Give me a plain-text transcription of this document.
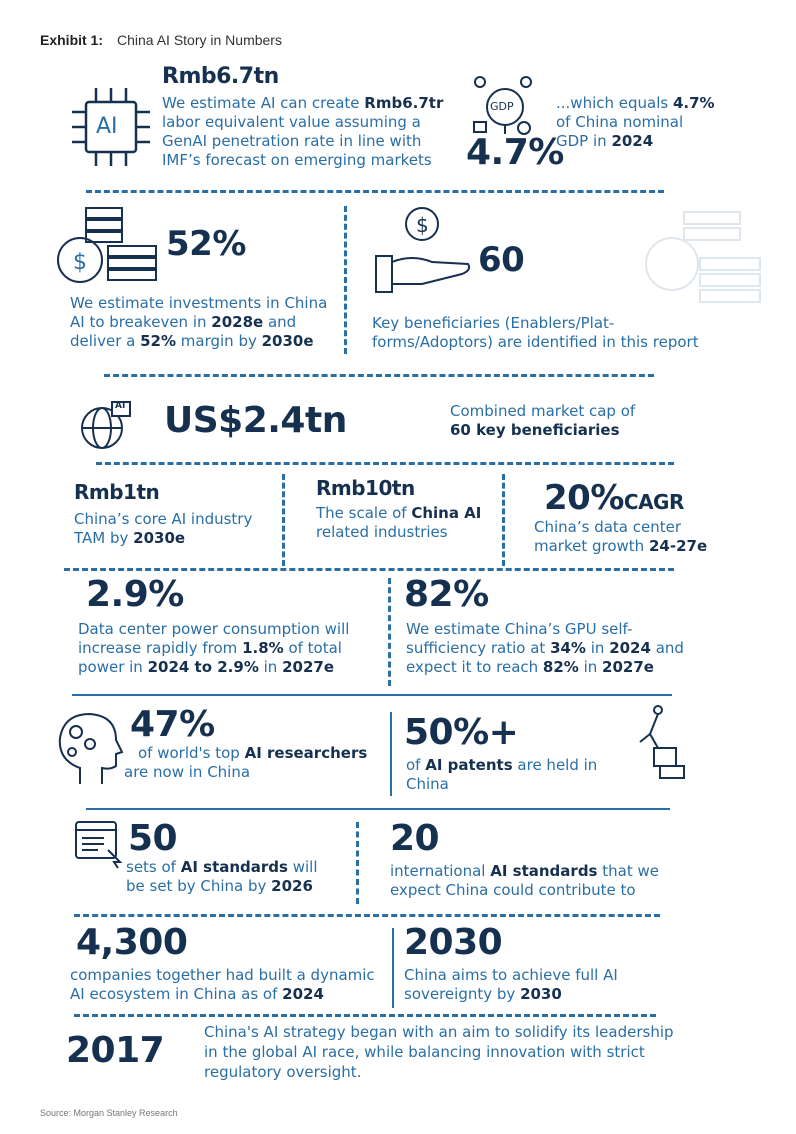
Exhibit 1: China AI Story in Numbers
AI
Rmb6.7tn
We estimate AI can create Rmb6.7tr
labor equivalent value assuming a
GenAI penetration rate in line with
IMF’s forecast on emerging markets
GDP
4.7%
...which equals 4.7%
of China nominal
GDP in 2024
$ 52%
We estimate investments in China
AI to breakeven in 2028e and
deliver a 52% margin by 2030e
$
60
Key beneficiaries (Enablers/Plat-
forms/Adoptors) are identified in this report
AI US$2.4tn	Combined market cap of
60 key beneficiaries
Rmb1tn
China’s core AI industry
TAM by 2030e
Rmb10tn
The scale of China AI
related industries
20%CAGR
China’s data center
market growth 24-27e
2.9%
Data center power consumption will
increase rapidly from 1.8% of total
power in 2024 to 2.9% in 2027e
82%
We estimate China’s GPU self-
sufficiency ratio at 34% in 2024 and
expect it to reach 82% in 2027e
47%
of world's top AI researchers
are now in China
50%+
of AI patents are held in
China
50
sets of AI standards will
be set by China by 2026
20
international AI standards that we
expect China could contribute to
4,300
companies together had built a dynamic
AI ecosystem in China as of 2024
2030
China aims to achieve full AI
sovereignty by 2030
2017	China's AI strategy began with an aim to solidify its leadership
in the global AI race, while balancing innovation with strict
regulatory oversight.
Source: Morgan Stanley Research
